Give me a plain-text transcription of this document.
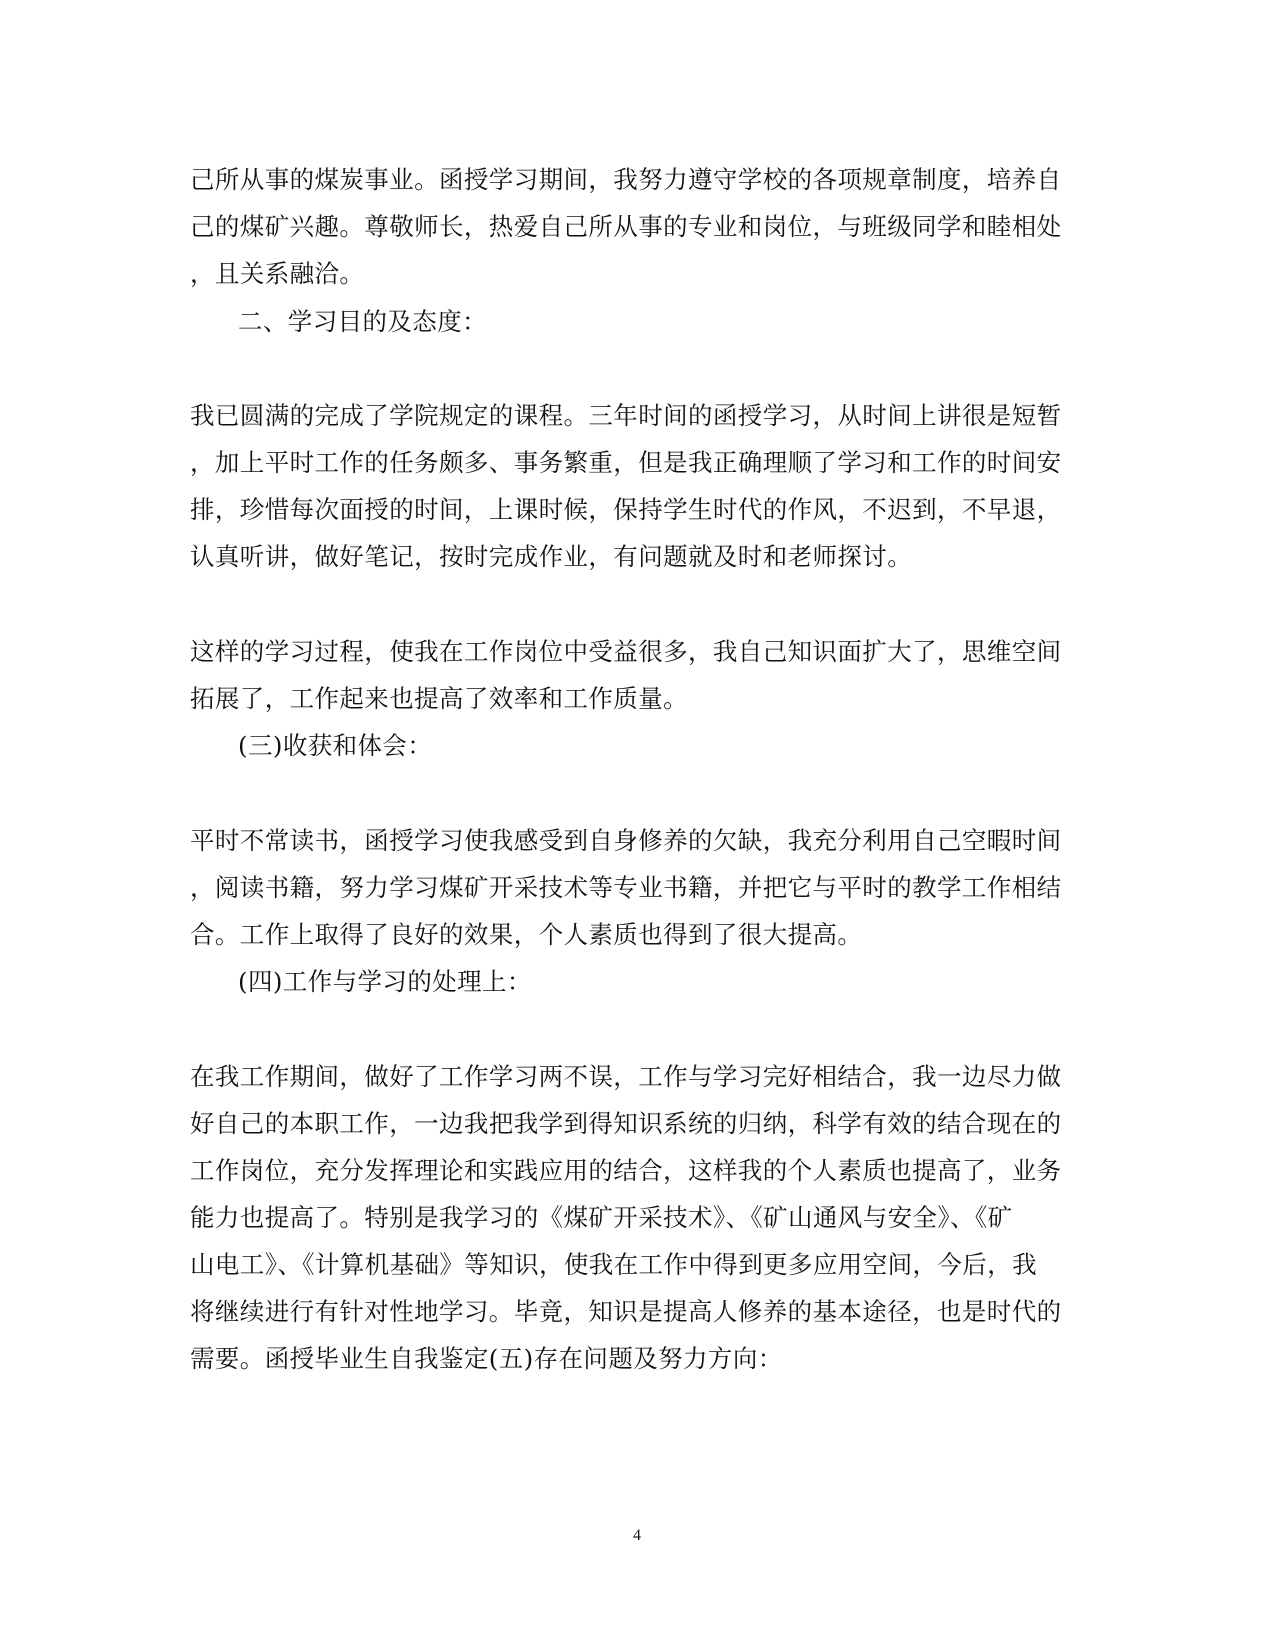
己所从事的煤炭事业。函授学习期间，我努力遵守学校的各项规章制度，培养自
己的煤矿兴趣。尊敬师长，热爱自己所从事的专业和岗位，与班级同学和睦相处
，且关系融洽。
二、学习目的及态度：
我已圆满的完成了学院规定的课程。三年时间的函授学习，从时间上讲很是短暂
，加上平时工作的任务颇多、事务繁重，但是我正确理顺了学习和工作的时间安
排，珍惜每次面授的时间，上课时候，保持学生时代的作风，不迟到，不早退，
认真听讲，做好笔记，按时完成作业，有问题就及时和老师探讨。
这样的学习过程，使我在工作岗位中受益很多，我自己知识面扩大了，思维空间
拓展了，工作起来也提高了效率和工作质量。
(三)收获和体会：
平时不常读书，函授学习使我感受到自身修养的欠缺，我充分利用自己空暇时间
，阅读书籍，努力学习煤矿开采技术等专业书籍，并把它与平时的教学工作相结
合。工作上取得了良好的效果，个人素质也得到了很大提高。
(四)工作与学习的处理上：
在我工作期间，做好了工作学习两不误，工作与学习完好相结合，我一边尽力做
好自己的本职工作，一边我把我学到得知识系统的归纳，科学有效的结合现在的
工作岗位，充分发挥理论和实践应用的结合，这样我的个人素质也提高了，业务
能力也提高了。特别是我学习的《煤矿开采技术》、《矿山通风与安全》、《矿
山电工》、《计算机基础》等知识，使我在工作中得到更多应用空间，今后，我
将继续进行有针对性地学习。毕竟，知识是提高人修养的基本途径，也是时代的
需要。函授毕业生自我鉴定(五)存在问题及努力方向：
4
